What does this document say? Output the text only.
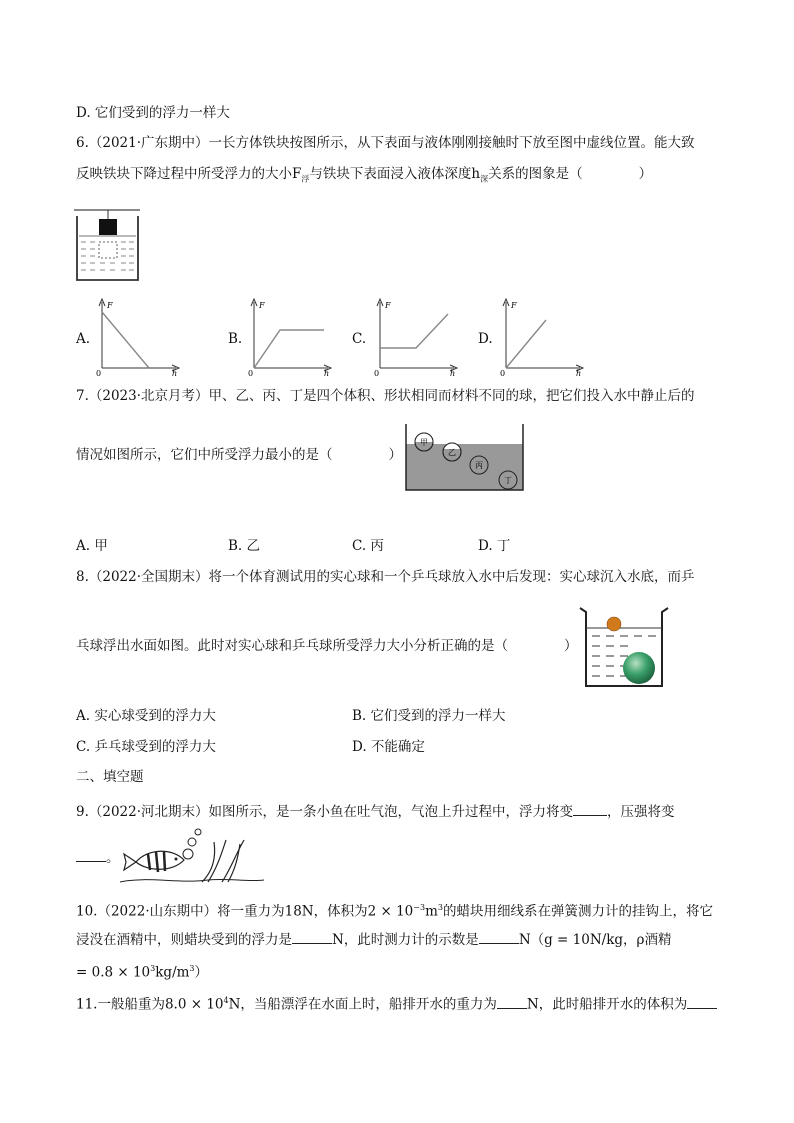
D. 它们受到的浮力一样大
6.（2021·广东期中）一长方体铁块按图所示，从下表面与液体刚刚接触时下放至图中虚线位置。能大致
反映铁块下降过程中所受浮力的大小$F_浮$与铁块下表面浸入液体深度$h_深$关系的图象是（	）
A.
F
h
0
B.
F
h
0
C.
F
h
0
D.
F
h
0
7.（2023·北京月考）甲、乙、丙、丁是四个体积、形状相同而材料不同的球，把它们投入水中静止后的
情况如图所示，它们中所受浮力最小的是（	）
甲
乙
丙
丁
A. 甲	B. 乙	C. 丙	D. 丁
8.（2022·全国期末）将一个体育测试用的实心球和一个乒乓球放入水中后发现：实心球沉入水底，而乒
乓球浮出水面如图。此时对实心球和乒乓球所受浮力大小分析正确的是（	）
A. 实心球受到的浮力大	B. 它们受到的浮力一样大
C. 乒乓球受到的浮力大	D. 不能确定
二、填空题
9.（2022·河北期末）如图所示，是一条小鱼在吐气泡，气泡上升过程中，浮力将变	，压强将变
。
10.（2022·山东期中）将一重力为18N，体积为$2 \times 10^{-3}m^3$的蜡块用细线系在弹簧测力计的挂钩上，将它
浸没在酒精中，则蜡块受到的浮力是	N，此时测力计的示数是	N（g = 10N/kg，ρ酒精
= $0.8 \times 10^3kg/m^3$）
11.一般船重为$8.0 \times 10^4N$，当船漂浮在水面上时，船排开水的重力为 N，此时船排开水的体积为
